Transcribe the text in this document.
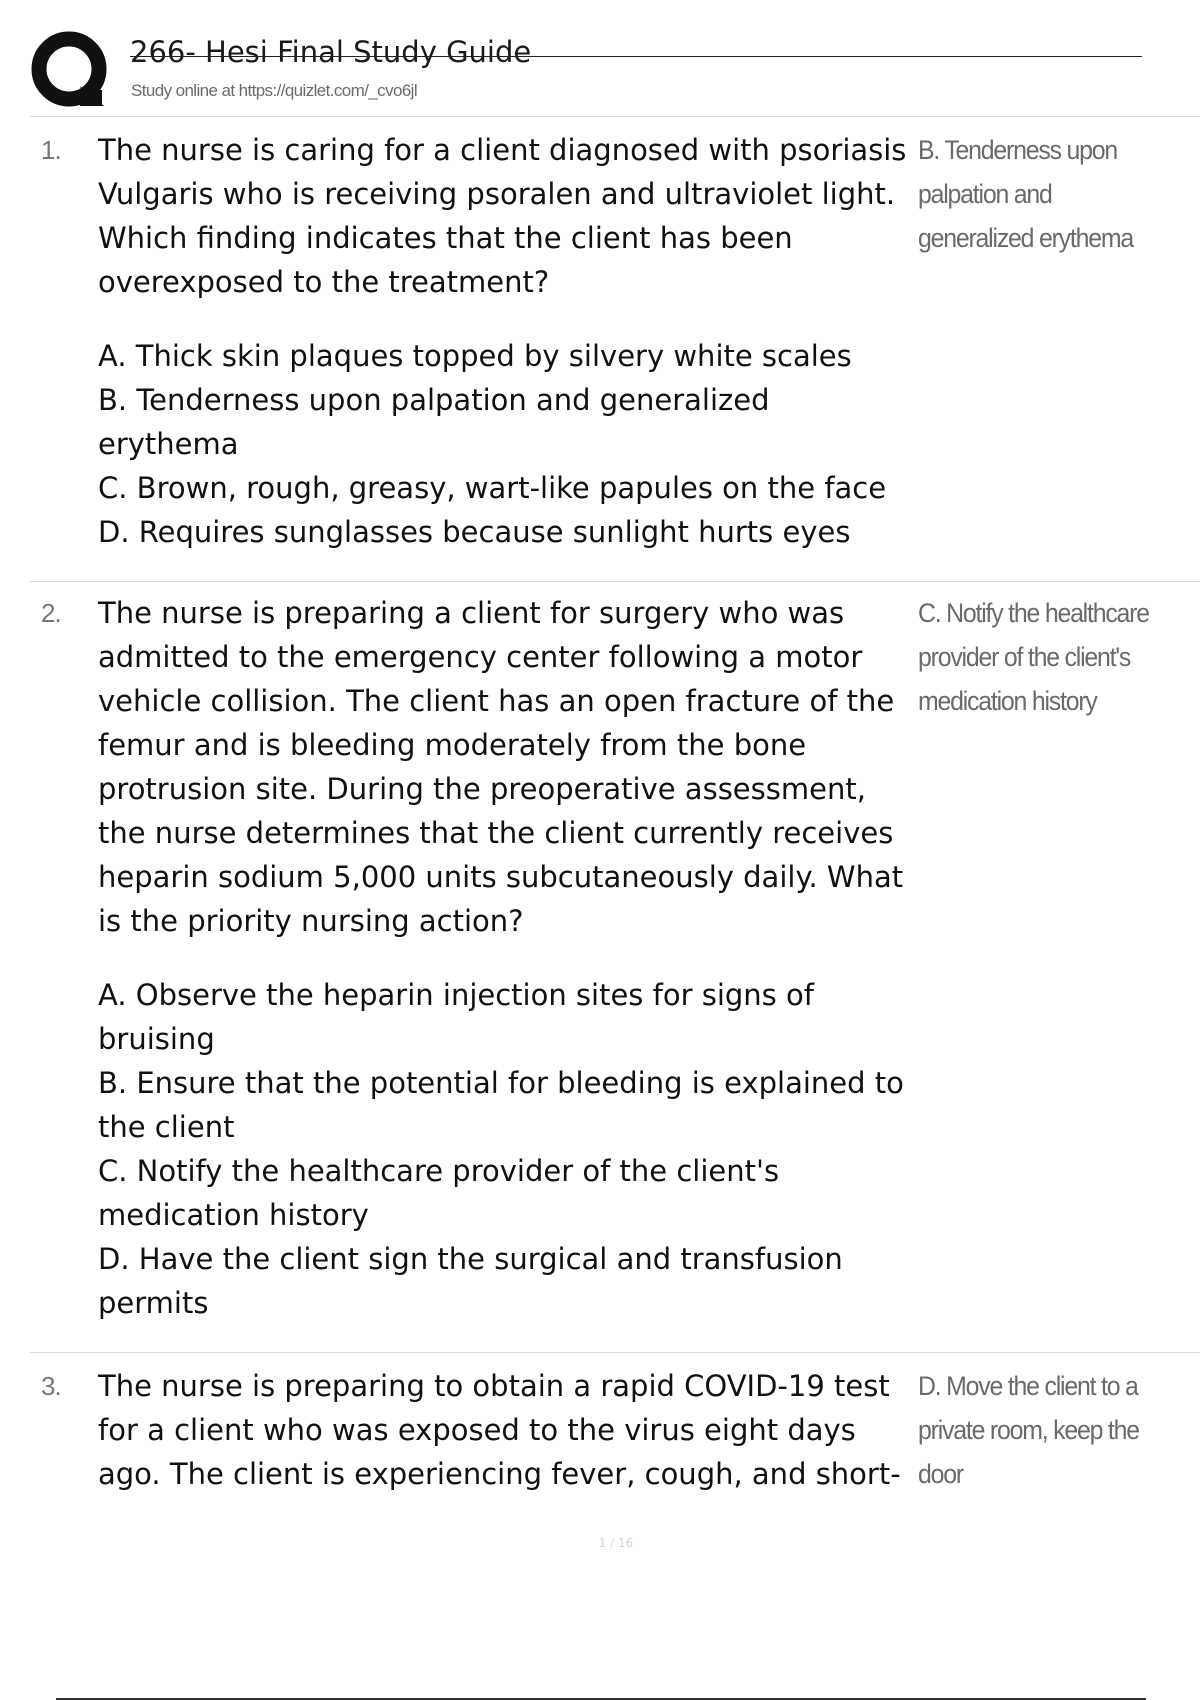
266- Hesi Final Study Guide
Study online at https://quizlet.com/_cvo6jl
1. The nurse is caring for a client diagnosed with psoriasis Vulgaris who is receiving psoralen and ultraviolet light. Which finding indicates that the client has been overexposed to the treatment?

A. Thick skin plaques topped by silvery white scales
B. Tenderness upon palpation and generalized erythema
C. Brown, rough, greasy, wart-like papules on the face
D. Requires sunglasses because sunlight hurts eyes
B. Tenderness upon palpation and generalized erythema
2. The nurse is preparing a client for surgery who was admitted to the emergency center following a motor vehicle collision. The client has an open fracture of the femur and is bleeding moderately from the bone protrusion site. During the preoperative assessment, the nurse determines that the client currently receives heparin sodium 5,000 units subcutaneously daily. What is the priority nursing action?

A. Observe the heparin injection sites for signs of bruising
B. Ensure that the potential for bleeding is explained to the client
C. Notify the healthcare provider of the client's medication history
D. Have the client sign the surgical and transfusion permits
C. Notify the healthcare provider of the client's medication history
3. The nurse is preparing to obtain a rapid COVID-19 test for a client who was exposed to the virus eight days ago. The client is experiencing fever, cough, and short-

D. Move the client to a private room, keep the door
1 / 16
